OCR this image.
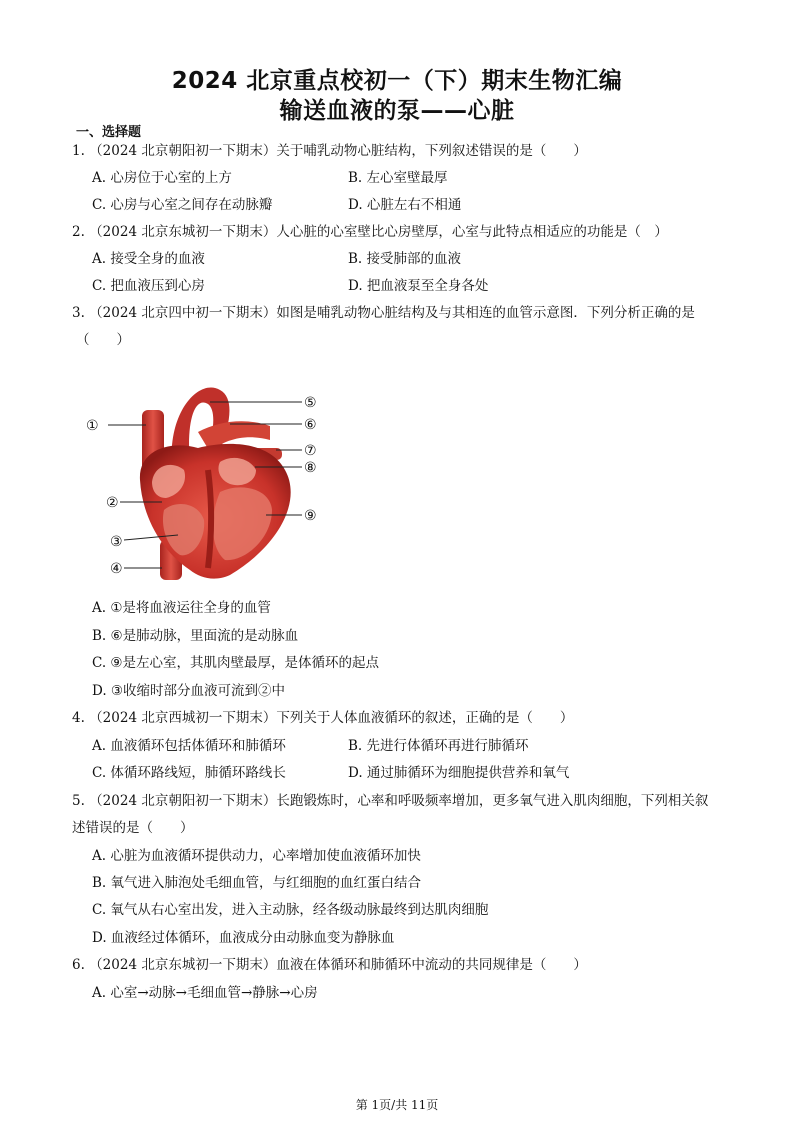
2024 北京重点校初一（下）期末生物汇编
输送血液的泵——心脏
一、选择题
1. （2024 北京朝阳初一下期末）关于哺乳动物心脏结构，下列叙述错误的是（　　）
A. 心房位于心室的上方	B. 左心室壁最厚
C. 心房与心室之间存在动脉瓣	D. 心脏左右不相通
2. （2024 北京东城初一下期末）人心脏的心室壁比心房壁厚，心室与此特点相适应的功能是（　）
A. 接受全身的血液	B. 接受肺部的血液
C. 把血液压到心房	D. 把血液泵至全身各处
3. （2024 北京四中初一下期末）如图是哺乳动物心脏结构及与其相连的血管示意图．下列分析正确的是
（　　）
①
②
③
④
⑤
⑥
⑦
⑧
⑨
A. ①是将血液运往全身的血管
B. ⑥是肺动脉，里面流的是动脉血
C. ⑨是左心室，其肌肉壁最厚，是体循环的起点
D. ③收缩时部分血液可流到②中
4. （2024 北京西城初一下期末）下列关于人体血液循环的叙述，正确的是（　　）
A. 血液循环包括体循环和肺循环	B. 先进行体循环再进行肺循环
C. 体循环路线短，肺循环路线长	D. 通过肺循环为细胞提供营养和氧气
5. （2024 北京朝阳初一下期末）长跑锻炼时，心率和呼吸频率增加，更多氧气进入肌肉细胞，下列相关叙
述错误的是（　　）
A. 心脏为血液循环提供动力，心率增加使血液循环加快
B. 氧气进入肺泡处毛细血管，与红细胞的血红蛋白结合
C. 氧气从右心室出发，进入主动脉，经各级动脉最终到达肌肉细胞
D. 血液经过体循环，血液成分由动脉血变为静脉血
6. （2024 北京东城初一下期末）血液在体循环和肺循环中流动的共同规律是（　　）
A. 心室→动脉→毛细血管→静脉→心房
第 1页/共 11页
